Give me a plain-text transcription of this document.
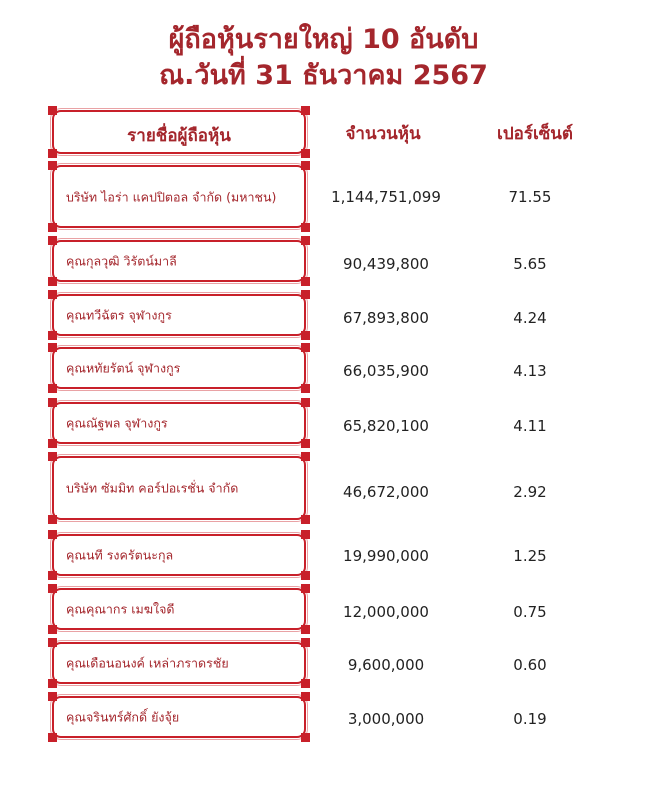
ผู้ถือหุ้นรายใหญ่ 10 อันดับ
ณ.วันที่ 31 ธันวาคม 2567
รายชื่อผู้ถือหุ้น	จำนวนหุ้น	เปอร์เซ็นต์
บริษัท ไอร่า แคปปิตอล จำกัด (มหาชน)	1,144,751,099	71.55
คุณกุลวุฒิ วิรัตน์มาลี	90,439,800	5.65
คุณทวีฉัตร จุฬางกูร	67,893,800	4.24
คุณหทัยรัตน์ จุฬางกูร	66,035,900	4.13
คุณณัฐพล จุฬางกูร	65,820,100	4.11
บริษัท ซัมมิท คอร์ปอเรชั่น จำกัด	46,672,000	2.92
คุณนที รงครัตนะกุล	19,990,000	1.25
คุณคุณากร เมฆใจดี	12,000,000	0.75
คุณเดือนอนงค์ เหล่าภราดรชัย	9,600,000	0.60
คุณจรินทร์ศักดิ์ ยังจุ้ย	3,000,000	0.19
